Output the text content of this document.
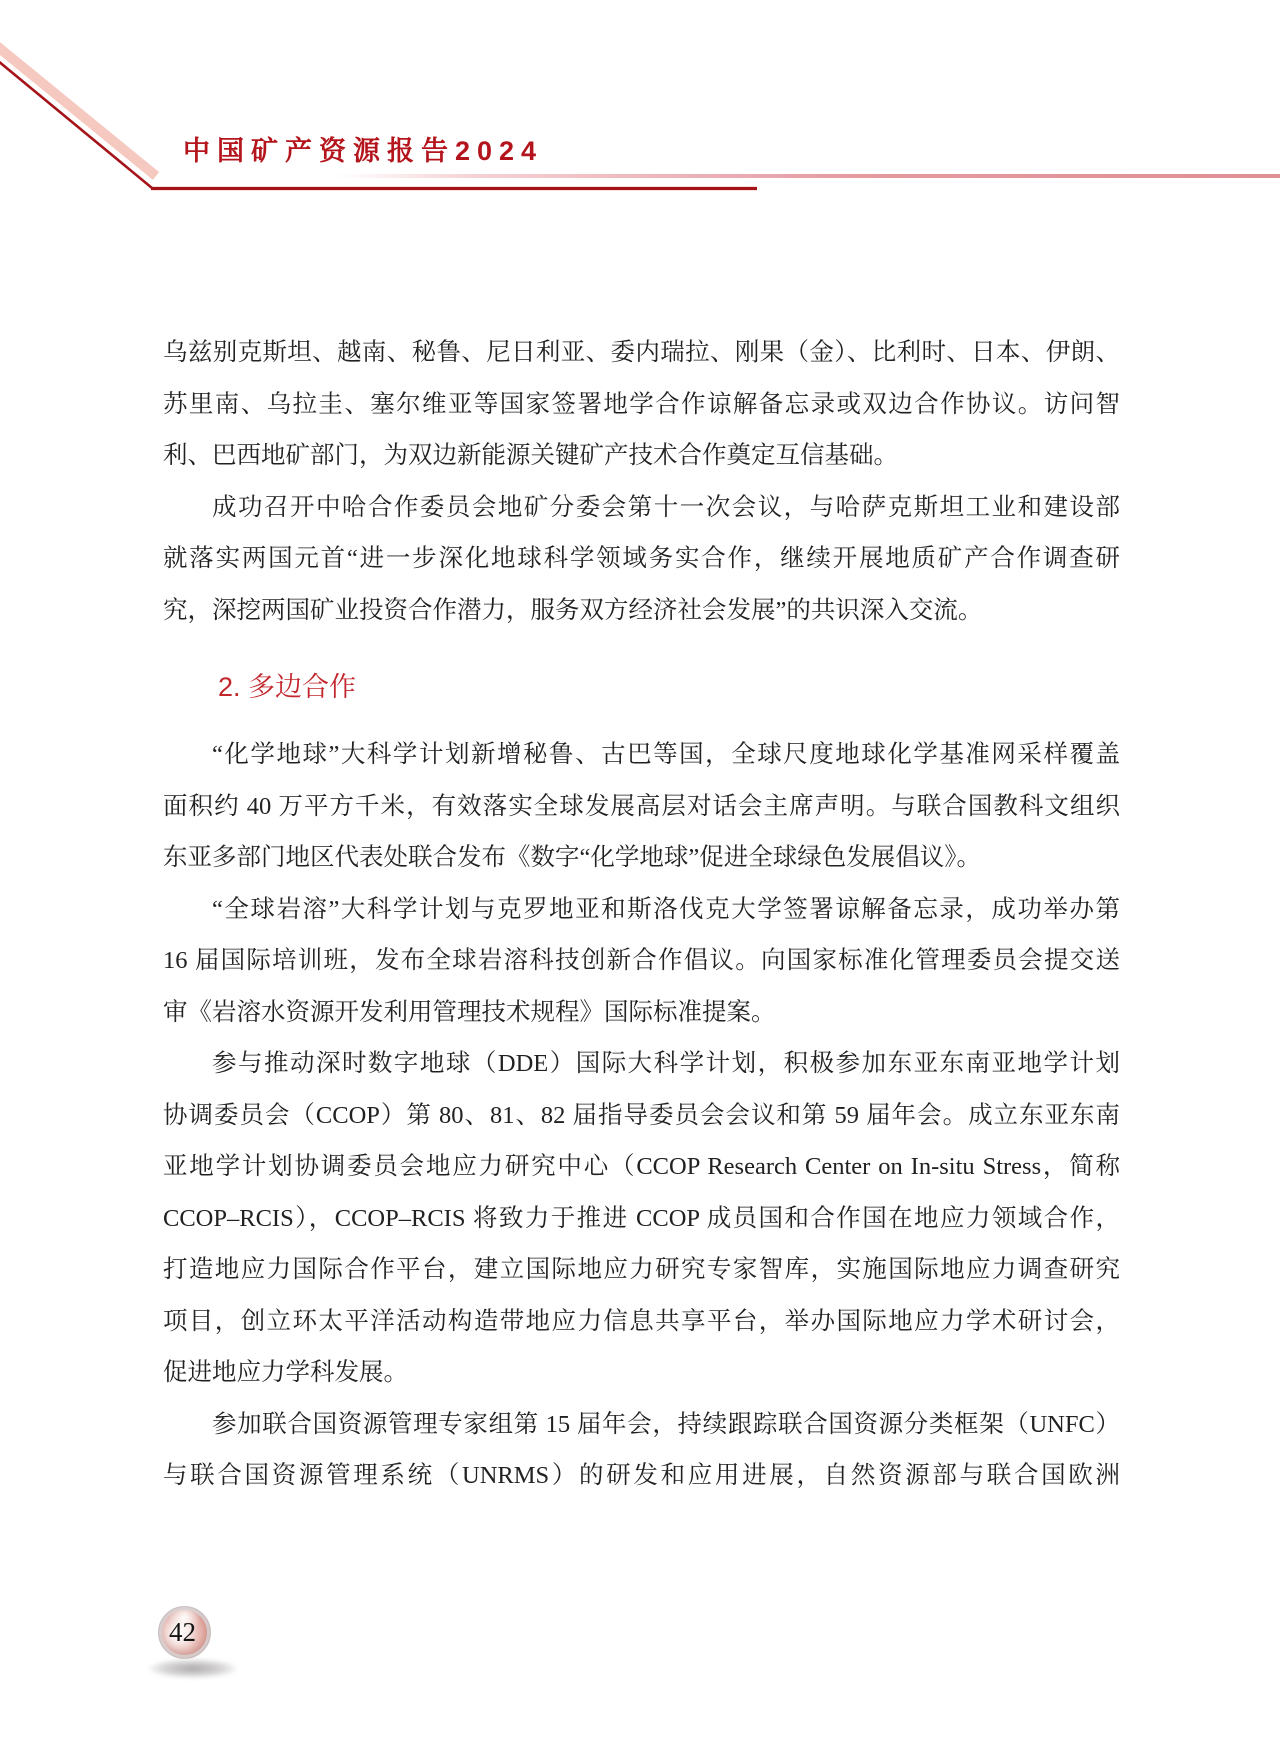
中国矿产资源报告2024
乌兹别克斯坦、越南、秘鲁、尼日利亚、委内瑞拉、刚果（金）、比利时、日本、伊朗、
苏里南、乌拉圭、塞尔维亚等国家签署地学合作谅解备忘录或双边合作协议。访问智
利、巴西地矿部门，为双边新能源关键矿产技术合作奠定互信基础。
成功召开中哈合作委员会地矿分委会第十一次会议，与哈萨克斯坦工业和建设部
就落实两国元首“进一步深化地球科学领域务实合作，继续开展地质矿产合作调查研
究，深挖两国矿业投资合作潜力，服务双方经济社会发展”的共识深入交流。
2. 多边合作
“化学地球”大科学计划新增秘鲁、古巴等国，全球尺度地球化学基准网采样覆盖
面积约 40 万平方千米，有效落实全球发展高层对话会主席声明。与联合国教科文组织
东亚多部门地区代表处联合发布《数字“化学地球”促进全球绿色发展倡议》。
“全球岩溶”大科学计划与克罗地亚和斯洛伐克大学签署谅解备忘录，成功举办第
16 届国际培训班，发布全球岩溶科技创新合作倡议。向国家标准化管理委员会提交送
审《岩溶水资源开发利用管理技术规程》国际标准提案。
参与推动深时数字地球（DDE）国际大科学计划，积极参加东亚东南亚地学计划
协调委员会（CCOP）第 80、81、82 届指导委员会会议和第 59 届年会。成立东亚东南
亚地学计划协调委员会地应力研究中心（CCOP Research Center on In-situ Stress，简称
CCOP–RCIS），CCOP–RCIS 将致力于推进 CCOP 成员国和合作国在地应力领域合作，
打造地应力国际合作平台，建立国际地应力研究专家智库，实施国际地应力调查研究
项目，创立环太平洋活动构造带地应力信息共享平台，举办国际地应力学术研讨会，
促进地应力学科发展。
参加联合国资源管理专家组第 15 届年会，持续跟踪联合国资源分类框架（UNFC）
与联合国资源管理系统（UNRMS）的研发和应用进展，自然资源部与联合国欧洲
42
